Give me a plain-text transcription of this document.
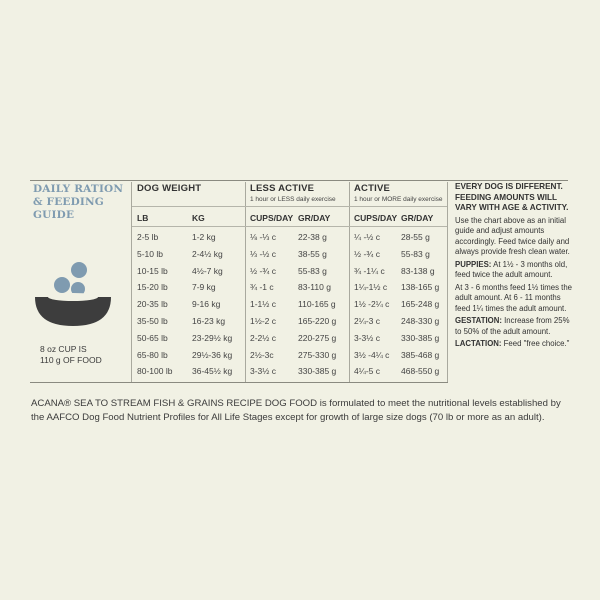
DAILY RATION
& FEEDING
GUIDE
8 oz CUP IS
110 g OF FOOD
DOG WEIGHT	LESS ACTIVE
1 hour or LESS daily exercise
ACTIVE
1 hour or MORE daily exercise
LB	KG	CUPS/DAY GR/DAY	CUPS/DAY GR/DAY
2-5 lb	1-2 kg	⅛ -⅓ c	22-38 g	¼ -½ c 28-55 g
5-10 lb	2-4½ kg	⅓ -½ c	38-55 g	½ -¾ c 55-83 g
10-15 lb	4½-7 kg	½ -¾ c	55-83 g	¾ -1¼ c 83-138 g
15-20 lb	7-9 kg	¾ -1 c	83-110 g	1¼-1½ c 138-165 g
20-35 lb	9-16 kg	1-1½ c	110-165 g 1½ -2¼ c 165-248 g
35-50 lb	16-23 kg	1½-2 c	165-220 g 2¼-3 c 248-330 g
50-65 lb	23-29½ kg 2-2½ c	220-275 g 3-3½ c 330-385 g
65-80 lb	29½-36 kg 2½-3c	275-330 g 3½ -4¼ c 385-468 g
80-100 lb 36-45½ kg 3-3½ c	330-385 g 4¼-5 c 468-550 g
EVERY DOG IS DIFFERENT. FEEDING AMOUNTS WILL VARY WITH AGE & ACTIVITY.

Use the chart above as an initial guide and adjust amounts accordingly. Feed twice daily and always provide fresh clean water.

PUPPIES: At 1½ - 3 months old, feed twice the adult amount.

At 3 - 6 months feed 1½ times the adult amount. At 6 - 11 months feed 1¼ times the adult amount.

GESTATION: Increase from 25% to 50% of the adult amount.

LACTATION: Feed "free choice."

ACANA® SEA TO STREAM FISH & GRAINS RECIPE DOG FOOD is formulated to meet the nutritional levels established by the AAFCO Dog Food Nutrient Profiles for All Life Stages except for growth of large size dogs (70 lb or more as an adult).
